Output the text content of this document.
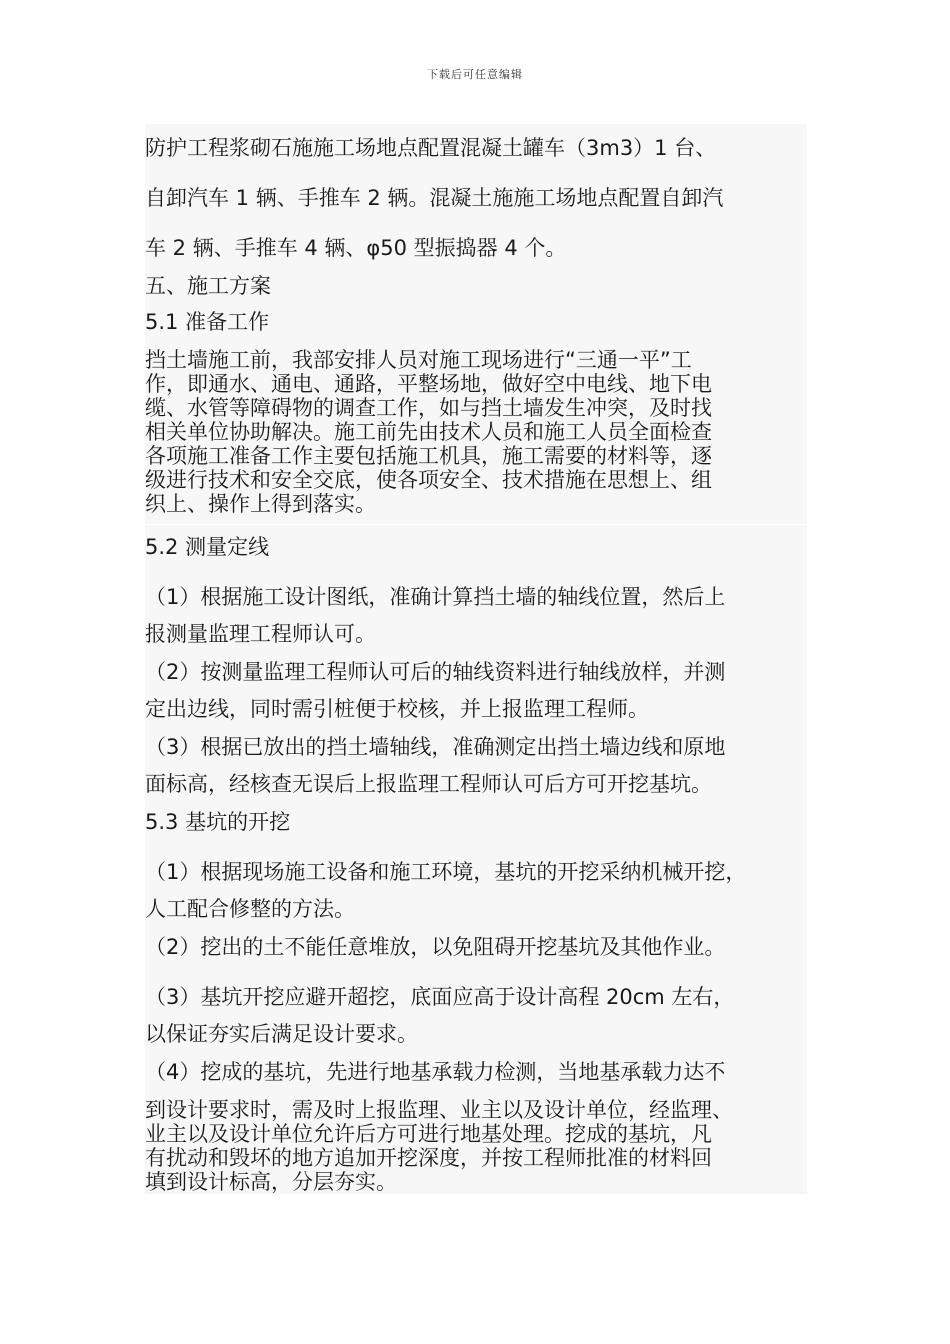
下载后可任意编辑
防护工程浆砌石施施工场地点配置混凝土罐车（3m3）1 台、
自卸汽车 1 辆、手推车 2 辆。混凝土施施工场地点配置自卸汽
车 2 辆、手推车 4 辆、φ50 型振捣器 4 个。
五、施工方案
5.1 准备工作
挡土墙施工前，我部安排人员对施工现场进行“三通一平”工
作，即通水、通电、通路，平整场地，做好空中电线、地下电
缆、水管等障碍物的调查工作，如与挡土墙发生冲突，及时找
相关单位协助解决。施工前先由技术人员和施工人员全面检查
各项施工准备工作主要包括施工机具，施工需要的材料等，逐
级进行技术和安全交底，使各项安全、技术措施在思想上、组
织上、操作上得到落实。
5.2 测量定线
（1）根据施工设计图纸，准确计算挡土墙的轴线位置，然后上
报测量监理工程师认可。
（2）按测量监理工程师认可后的轴线资料进行轴线放样，并测
定出边线，同时需引桩便于校核，并上报监理工程师。
（3）根据已放出的挡土墙轴线，准确测定出挡土墙边线和原地
面标高，经核查无误后上报监理工程师认可后方可开挖基坑。
5.3 基坑的开挖
（1）根据现场施工设备和施工环境，基坑的开挖采纳机械开挖，
人工配合修整的方法。
（2）挖出的土不能任意堆放，以免阻碍开挖基坑及其他作业。
（3）基坑开挖应避开超挖，底面应高于设计高程 20cm 左右，
以保证夯实后满足设计要求。
（4）挖成的基坑，先进行地基承载力检测，当地基承载力达不
到设计要求时，需及时上报监理、业主以及设计单位，经监理、
业主以及设计单位允许后方可进行地基处理。挖成的基坑，凡
有扰动和毁坏的地方追加开挖深度，并按工程师批准的材料回
填到设计标高，分层夯实。
